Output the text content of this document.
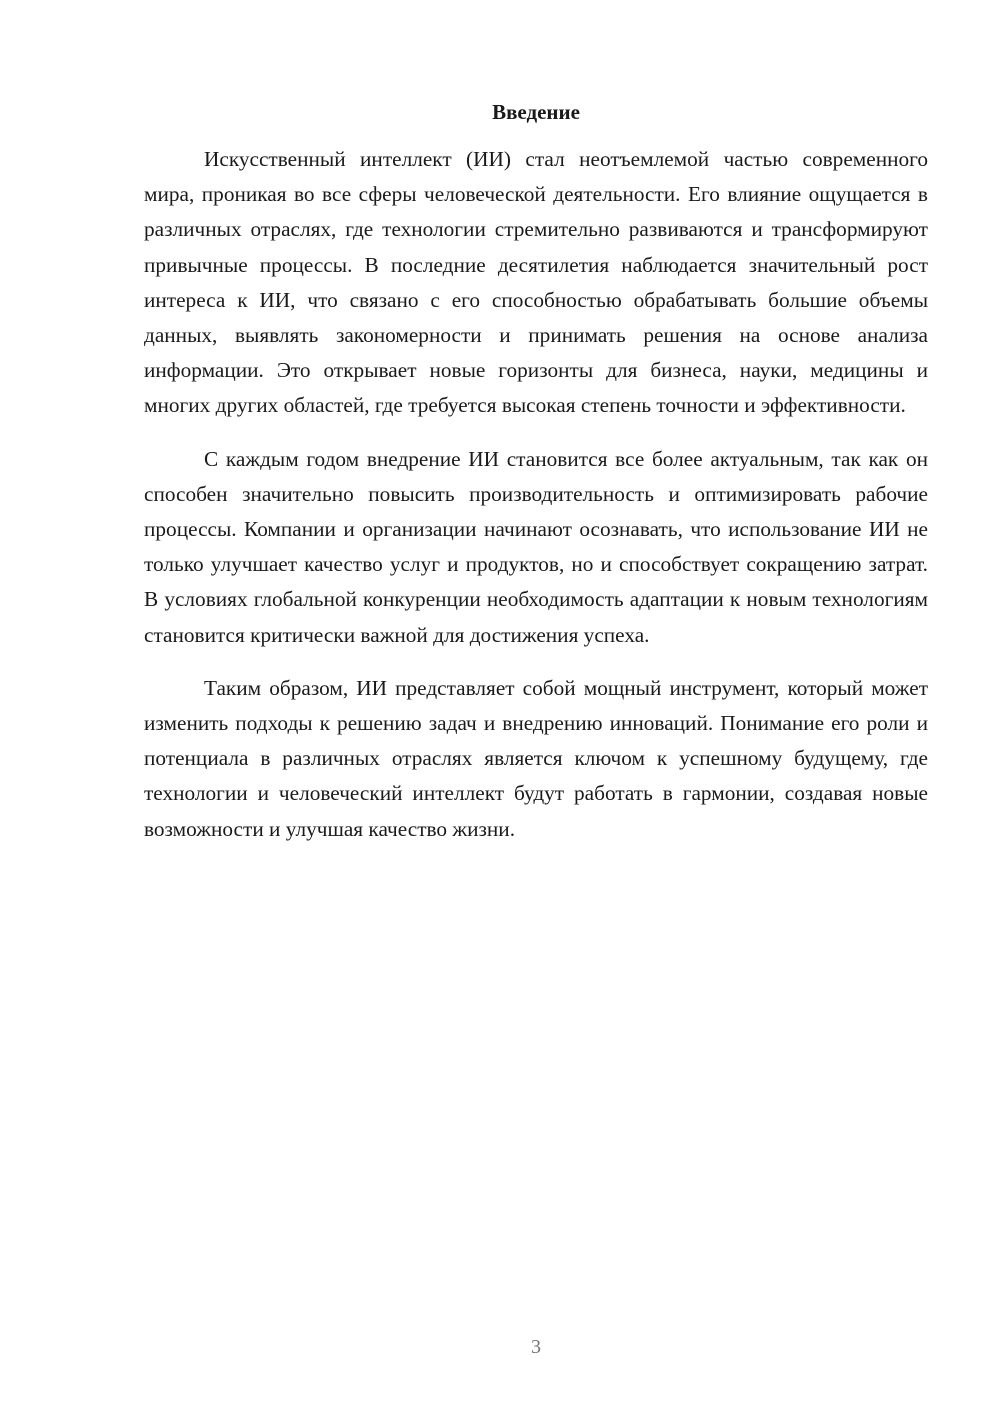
Введение

Искусственный интеллект (ИИ) стал неотъемлемой частью современного мира, проникая во все сферы человеческой деятельности. Его влияние ощущается в различных отраслях, где технологии стремительно развиваются и трансформируют привычные процессы. В последние десятилетия наблюдается значительный рост интереса к ИИ, что связано с его способностью обрабатывать большие объемы данных, выявлять закономерности и принимать решения на основе анализа информации. Это открывает новые горизонты для бизнеса, науки, медицины и многих других областей, где требуется высокая степень точности и эффективности.

С каждым годом внедрение ИИ становится все более актуальным, так как он способен значительно повысить производительность и оптимизировать рабочие процессы. Компании и организации начинают осознавать, что использование ИИ не только улучшает качество услуг и продуктов, но и способствует сокращению затрат. В условиях глобальной конкуренции необходимость адаптации к новым технологиям становится критически важной для достижения успеха.

Таким образом, ИИ представляет собой мощный инструмент, который может изменить подходы к решению задач и внедрению инноваций. Понимание его роли и потенциала в различных отраслях является ключом к успешному будущему, где технологии и человеческий интеллект будут работать в гармонии, создавая новые возможности и улучшая качество жизни.

3
